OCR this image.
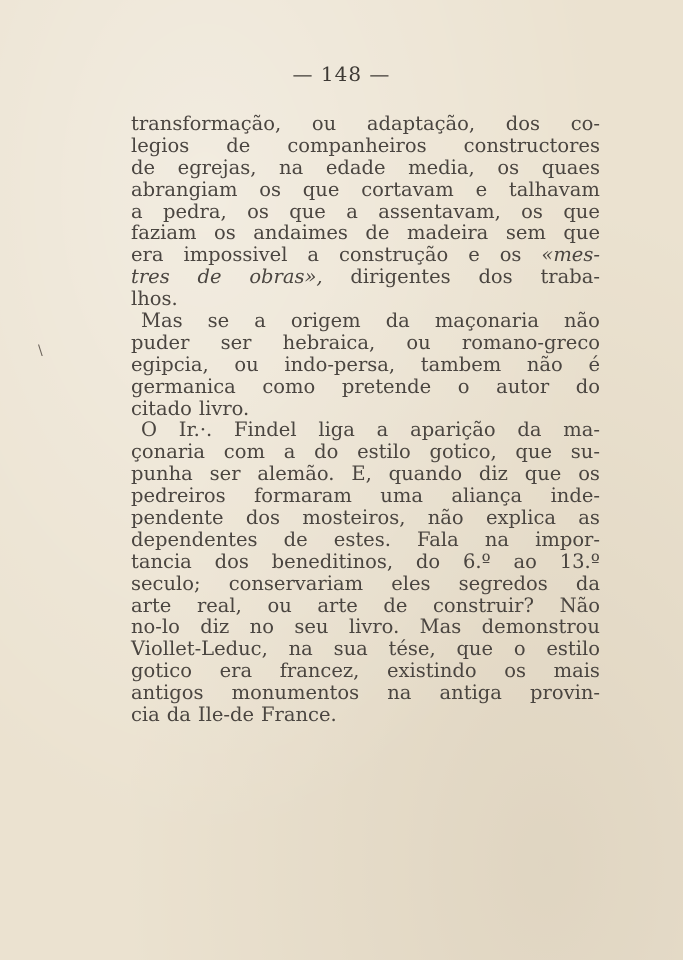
— 148 —
\
transformação, ou adaptação, dos co-
legios de companheiros constructores
de egrejas, na edade media, os quaes
abrangiam os que cortavam e talhavam
a pedra, os que a assentavam, os que
faziam os andaimes de madeira sem que
era impossivel a construção e os «mes-
tres de obras», dirigentes dos traba-
lhos.
Mas se a origem da maçonaria não
puder ser hebraica, ou romano-greco
egipcia, ou indo-persa, tambem não é
germanica como pretende o autor do
citado livro.
O Ir.·. Findel liga a aparição da ma-
çonaria com a do estilo gotico, que su-
punha ser alemão. E, quando diz que os
pedreiros formaram uma aliança inde-
pendente dos mosteiros, não explica as
dependentes de estes. Fala na impor-
tancia dos beneditinos, do 6.º ao 13.º
seculo; conservariam eles segredos da
arte real, ou arte de construir? Não
no-lo diz no seu livro. Mas demonstrou
Viollet-Leduc, na sua tése, que o estilo
gotico era francez, existindo os mais
antigos monumentos na antiga provin-
cia da Ile-de France.
